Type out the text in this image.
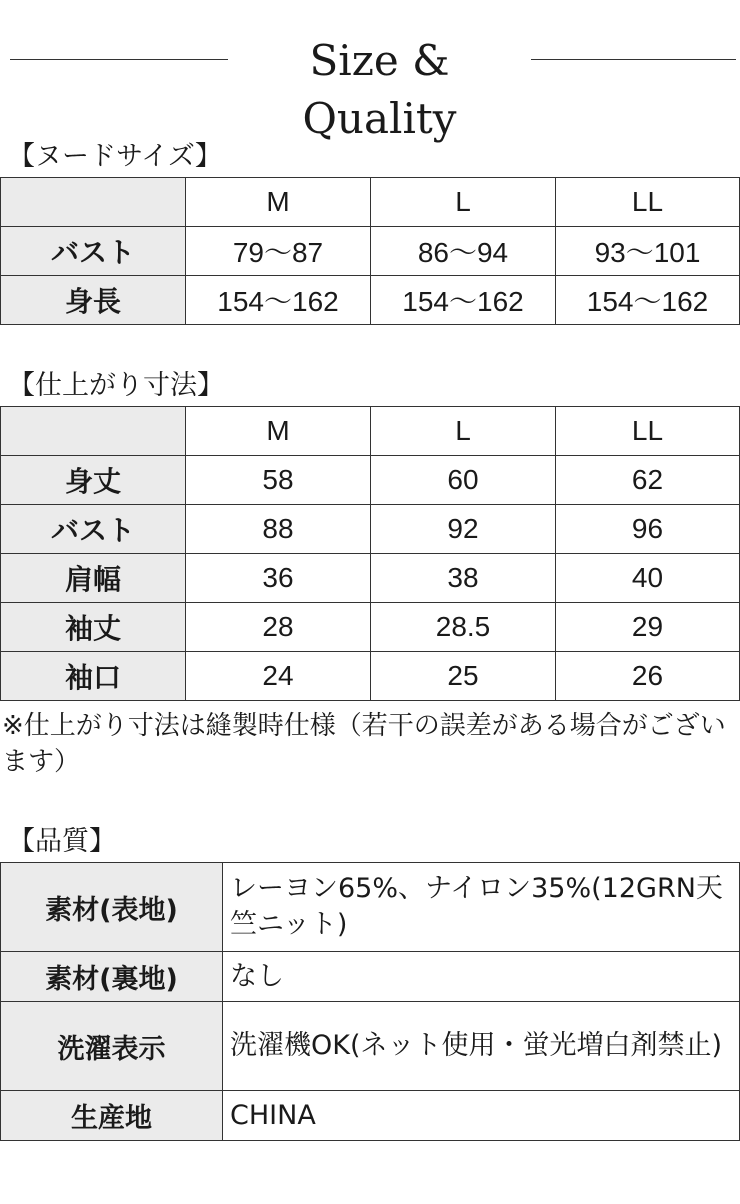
Size & Quality
【ヌードサイズ】
	M	L	LL
バスト	79〜87	86〜94	93〜101
身長	154〜162	154〜162	154〜162
【仕上がり寸法】
	M	L	LL
身丈	58	60	62
バスト	88	92	96
肩幅	36	38	40
袖丈	28	28.5	29
袖口	24	25	26
※仕上がり寸法は縫製時仕様（若干の誤差がある場合がございます）
【品質】
素材(表地)	レーヨン65%、ナイロン35%(12GRN天竺ニット)
素材(裏地)	なし
洗濯表示	洗濯機OK(ネット使用・蛍光増白剤禁止)
生産地	CHINA
